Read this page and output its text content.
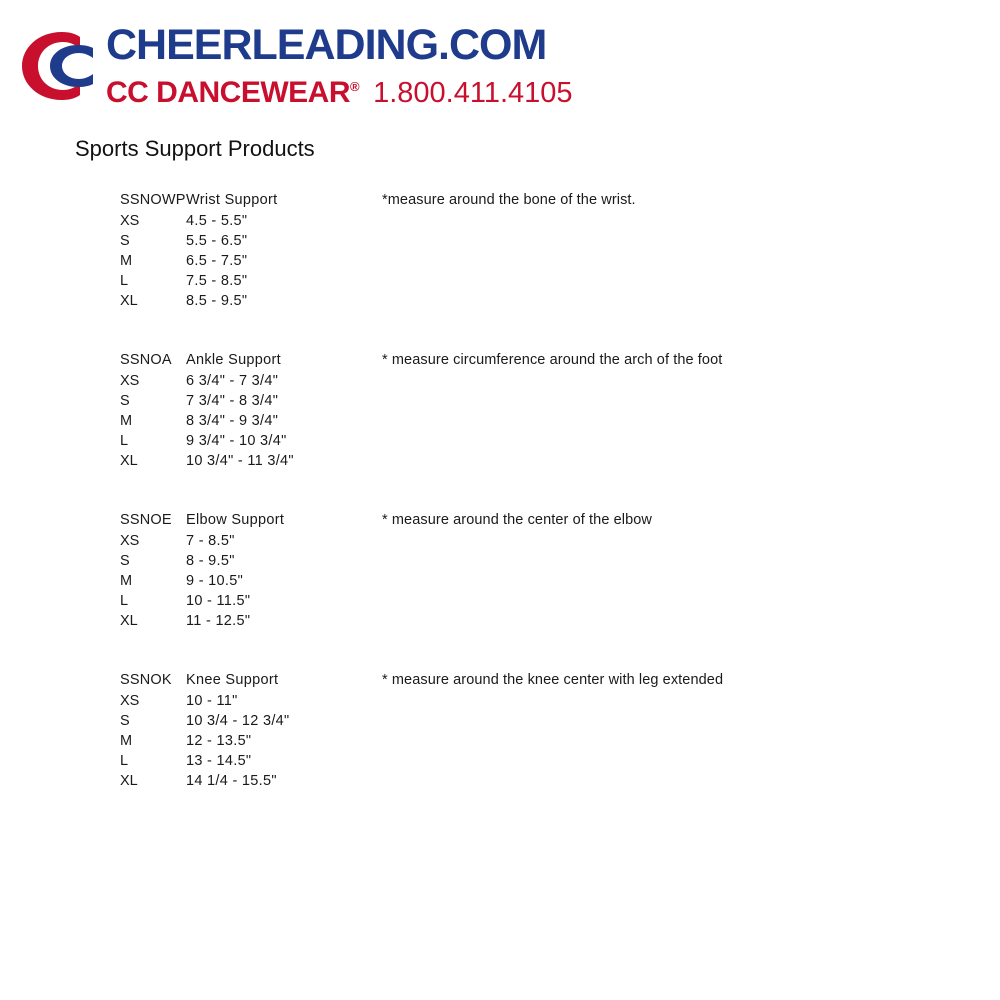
CHEERLEADING.COM
CC DANCEWEAR® 1.800.411.4105
Sports Support Products
SSNOWP Wrist Support	*measure around the bone of the wrist.
XS	4.5 - 5.5"
S	5.5 - 6.5"
M	6.5 - 7.5"
L	7.5 - 8.5"
XL	8.5 - 9.5"
SSNOA Ankle Support	* measure circumference around the arch of the foot
XS	6 3/4" - 7 3/4"
S	7 3/4" - 8 3/4"
M	8 3/4" - 9 3/4"
L	9 3/4" - 10 3/4"
XL	10 3/4" - 11 3/4"
SSNOE Elbow Support	* measure around the center of the elbow
XS	7 - 8.5"
S	8 - 9.5"
M	9 - 10.5"
L	10 - 11.5"
XL	11 - 12.5"
SSNOK Knee Support	* measure around the knee center with leg extended
XS	10 - 11"
S	10 3/4 - 12 3/4"
M	12 - 13.5"
L	13 - 14.5"
XL	14 1/4 - 15.5"
